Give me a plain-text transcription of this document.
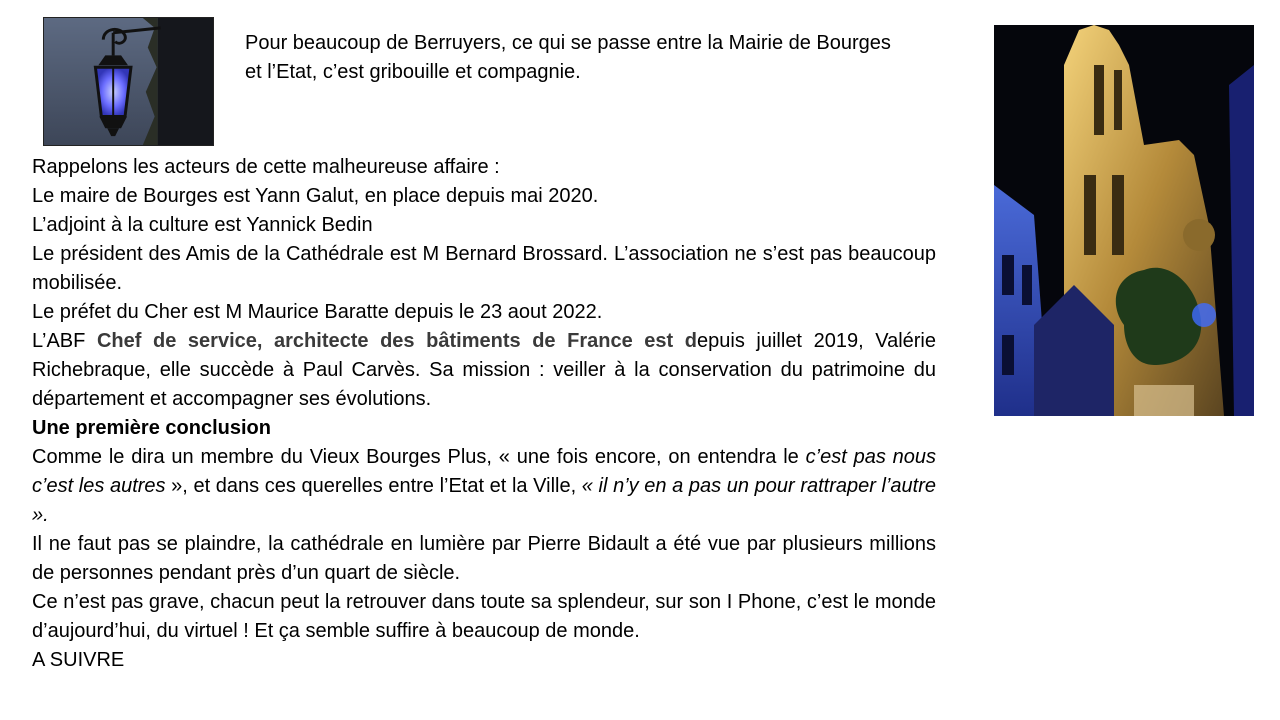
Pour beaucoup de Berruyers, ce qui se passe entre la Mairie de Bourges et l’Etat, c’est gribouille et compagnie.

Rappelons les acteurs de cette malheureuse affaire :

Le maire de Bourges est Yann Galut, en place depuis mai 2020.

L’adjoint à la culture est Yannick Bedin

Le président des Amis de la Cathédrale est M Bernard Brossard. L’association ne s’est pas beaucoup mobilisée.

Le préfet du Cher est M Maurice Baratte depuis le 23 aout 2022.

L’ABF Chef de service, architecte des bâtiments de France est depuis juillet 2019, Valérie Richebraque, elle succède à Paul Carvès. Sa mission : veiller à la conservation du patrimoine du département et accompagner ses évolutions.

Une première conclusion

Comme le dira un membre du Vieux Bourges Plus, « une fois encore, on entendra le c’est pas nous c’est les autres », et dans ces querelles entre l’Etat et la Ville, « il n’y en a pas un pour rattraper l’autre ».

Il ne faut pas se plaindre, la cathédrale en lumière par Pierre Bidault a été vue par plusieurs millions de personnes pendant près d’un quart de siècle.

Ce n’est pas grave, chacun peut la retrouver dans toute sa splendeur, sur son I Phone, c’est le monde d’aujourd’hui, du virtuel ! Et ça semble suffire à beaucoup de monde.

A SUIVRE
